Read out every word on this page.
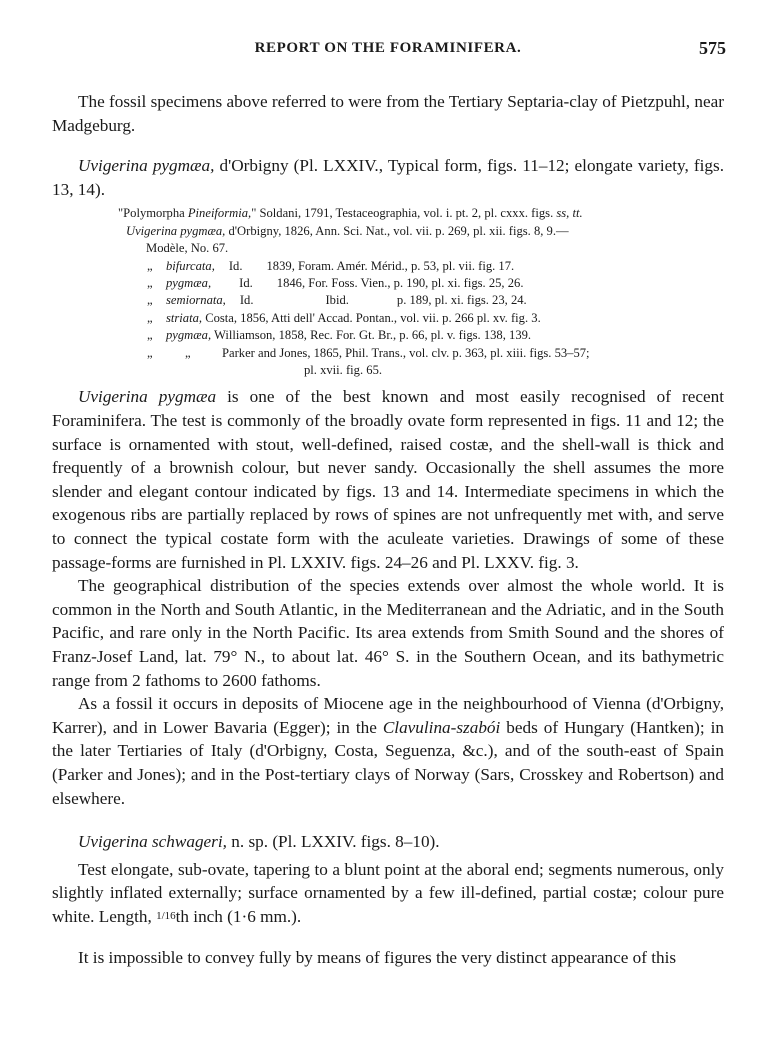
REPORT ON THE FORAMINIFERA.	575

The fossil specimens above referred to were from the Tertiary Septaria-clay of Pietzpuhl, near Madgeburg.

Uvigerina pygmæa, d'Orbigny (Pl. LXXIV., Typical form, figs. 11–12; elongate variety, figs. 13, 14).

"Polymorpha Pineiformia," Soldani, 1791, Testaceographia, vol. i. pt. 2, pl. cxxx. figs. ss, tt.
Uvigerina pygmæa, d'Orbigny, 1826, Ann. Sci. Nat., vol. vii. p. 269, pl. xii. figs. 8, 9.—
Modèle, No. 67.
„ bifurcata, Id. 1839, Foram. Amér. Mérid., p. 53, pl. vii. fig. 17.
„ pygmæa, Id. 1846, For. Foss. Vien., p. 190, pl. xi. figs. 25, 26.
„ semiornata, Id.	Ibid.	p. 189, pl. xi. figs. 23, 24.
„ striata, Costa, 1856, Atti dell' Accad. Pontan., vol. vii. p. 266 pl. xv. fig. 3.
„ pygmæa, Williamson, 1858, Rec. For. Gt. Br., p. 66, pl. v. figs. 138, 139.
„	„ Parker and Jones, 1865, Phil. Trans., vol. clv. p. 363, pl. xiii. figs. 53–57;
pl. xvii. fig. 65.

Uvigerina pygmæa is one of the best known and most easily recognised of recent Foraminifera. The test is commonly of the broadly ovate form represented in figs. 11 and 12; the surface is ornamented with stout, well-defined, raised costæ, and the shell-wall is thick and frequently of a brownish colour, but never sandy. Occasionally the shell assumes the more slender and elegant contour indicated by figs. 13 and 14. Intermediate specimens in which the exogenous ribs are partially replaced by rows of spines are not unfrequently met with, and serve to connect the typical costate form with the aculeate varieties. Drawings of some of these passage-forms are furnished in Pl. LXXIV. figs. 24–26 and Pl. LXXV. fig. 3.

The geographical distribution of the species extends over almost the whole world. It is common in the North and South Atlantic, in the Mediterranean and the Adriatic, and in the South Pacific, and rare only in the North Pacific. Its area extends from Smith Sound and the shores of Franz-Josef Land, lat. 79° N., to about lat. 46° S. in the Southern Ocean, and its bathymetric range from 2 fathoms to 2600 fathoms.

As a fossil it occurs in deposits of Miocene age in the neighbourhood of Vienna (d'Orbigny, Karrer), and in Lower Bavaria (Egger); in the Clavulina-szabói beds of Hungary (Hantken); in the later Tertiaries of Italy (d'Orbigny, Costa, Seguenza, &c.), and of the south-east of Spain (Parker and Jones); and in the Post-tertiary clays of Norway (Sars, Crosskey and Robertson) and elsewhere.

Uvigerina schwageri, n. sp. (Pl. LXXIV. figs. 8–10).

Test elongate, sub-ovate, tapering to a blunt point at the aboral end; segments numerous, only slightly inflated externally; surface ornamented by a few ill-defined, partial costæ; colour pure white. Length, 1/16th inch (1·6 mm.).

It is impossible to convey fully by means of figures the very distinct appearance of this
